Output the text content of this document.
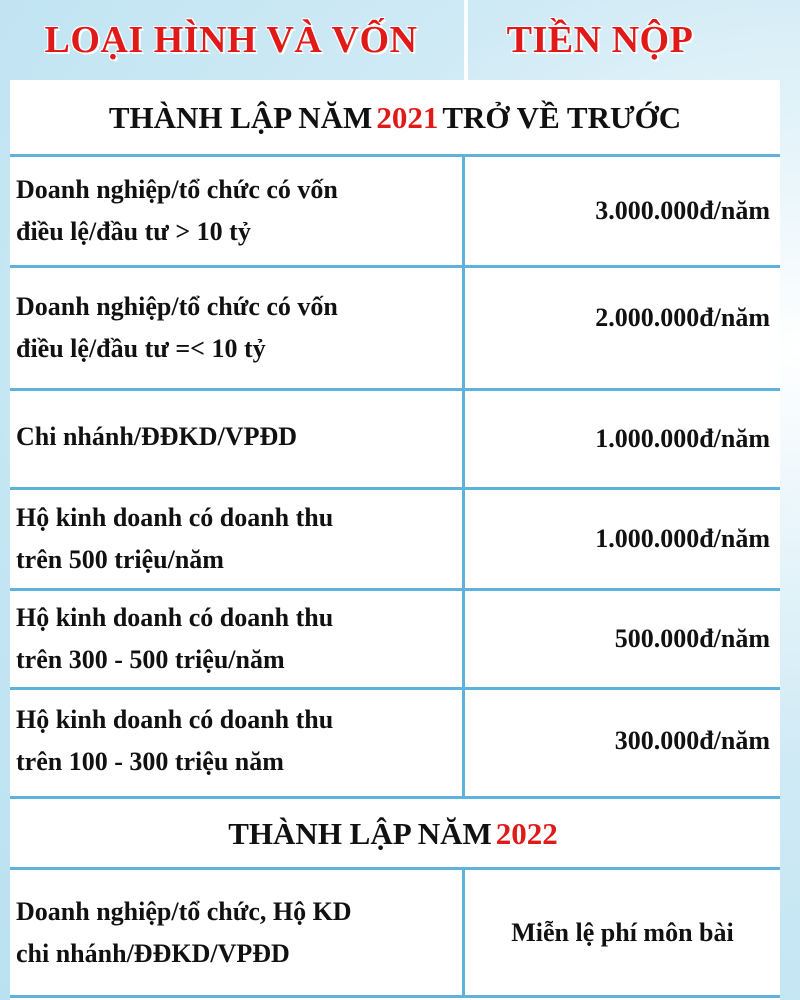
LOẠI HÌNH VÀ VỐN	TIỀN NỘP
THÀNH LẬP NĂM 2021 TRỞ VỀ TRƯỚC
Doanh nghiệp/tổ chức có vốn
điều lệ/đầu tư > 10 tỷ
3.000.000đ/năm
Doanh nghiệp/tổ chức có vốn
điều lệ/đầu tư =< 10 tỷ
2.000.000đ/năm
Chi nhánh/ĐĐKD/VPĐD	1.000.000đ/năm
Hộ kinh doanh có doanh thu
trên 500 triệu/năm
1.000.000đ/năm
Hộ kinh doanh có doanh thu
trên 300 - 500 triệu/năm
500.000đ/năm
Hộ kinh doanh có doanh thu
trên 100 - 300 triệu năm
300.000đ/năm
THÀNH LẬP NĂM 2022
Doanh nghiệp/tổ chức, Hộ KD
chi nhánh/ĐĐKD/VPĐD
Miễn lệ phí môn bài
